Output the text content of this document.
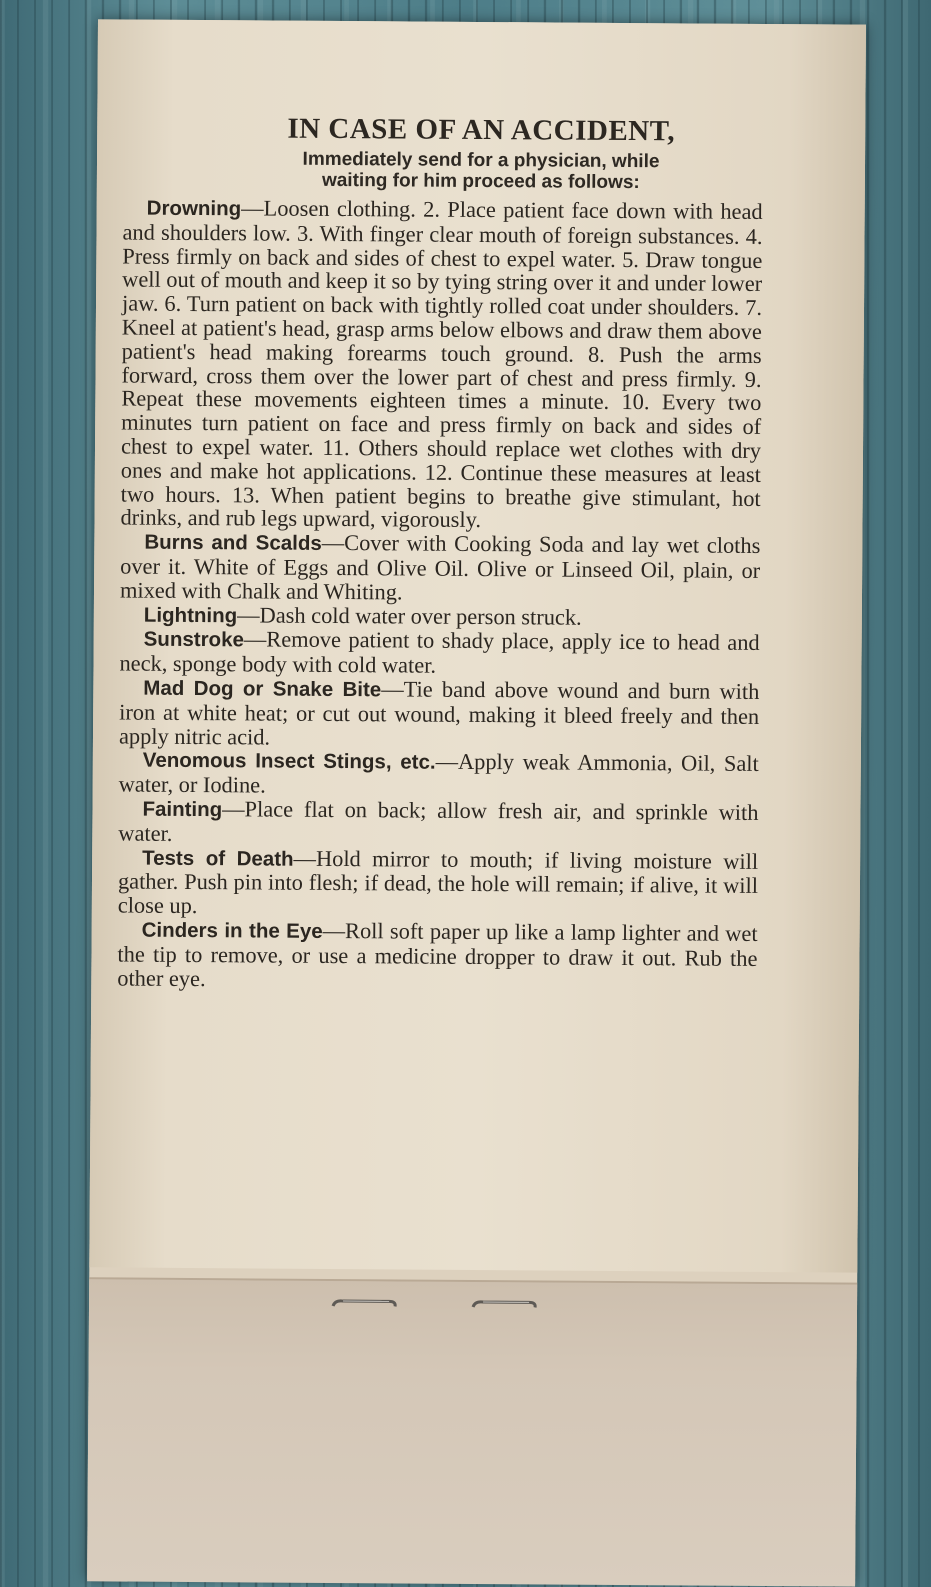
IN CASE OF AN ACCIDENT,
Immediately send for a physician, while
waiting for him proceed as follows:

Drowning—Loosen clothing. 2. Place patient face down with head and shoulders low. 3. With finger clear mouth of foreign substances. 4. Press firmly on back and sides of chest to expel water. 5. Draw tongue well out of mouth and keep it so by tying string over it and under lower jaw. 6. Turn patient on back with tightly rolled coat under shoulders. 7. Kneel at patient's head, grasp arms below elbows and draw them above patient's head making forearms touch ground. 8. Push the arms forward, cross them over the lower part of chest and press firmly. 9. Repeat these movements eighteen times a minute. 10. Every two minutes turn patient on face and press firmly on back and sides of chest to expel water. 11. Others should replace wet clothes with dry ones and make hot applications. 12. Continue these measures at least two hours. 13. When patient begins to breathe give stimulant, hot drinks, and rub legs upward, vigorously.

Burns and Scalds—Cover with Cooking Soda and lay wet cloths over it. White of Eggs and Olive Oil. Olive or Linseed Oil, plain, or mixed with Chalk and Whiting.

Lightning—Dash cold water over person struck.

Sunstroke—Remove patient to shady place, apply ice to head and neck, sponge body with cold water.

Mad Dog or Snake Bite—Tie band above wound and burn with iron at white heat; or cut out wound, making it bleed freely and then apply nitric acid.

Venomous Insect Stings, etc.—Apply weak Ammonia, Oil, Salt water, or Iodine.

Fainting—Place flat on back; allow fresh air, and sprinkle with water.

Tests of Death—Hold mirror to mouth; if living moisture will gather. Push pin into flesh; if dead, the hole will remain; if alive, it will close up.

Cinders in the Eye—Roll soft paper up like a lamp lighter and wet the tip to remove, or use a medicine dropper to draw it out. Rub the other eye.
